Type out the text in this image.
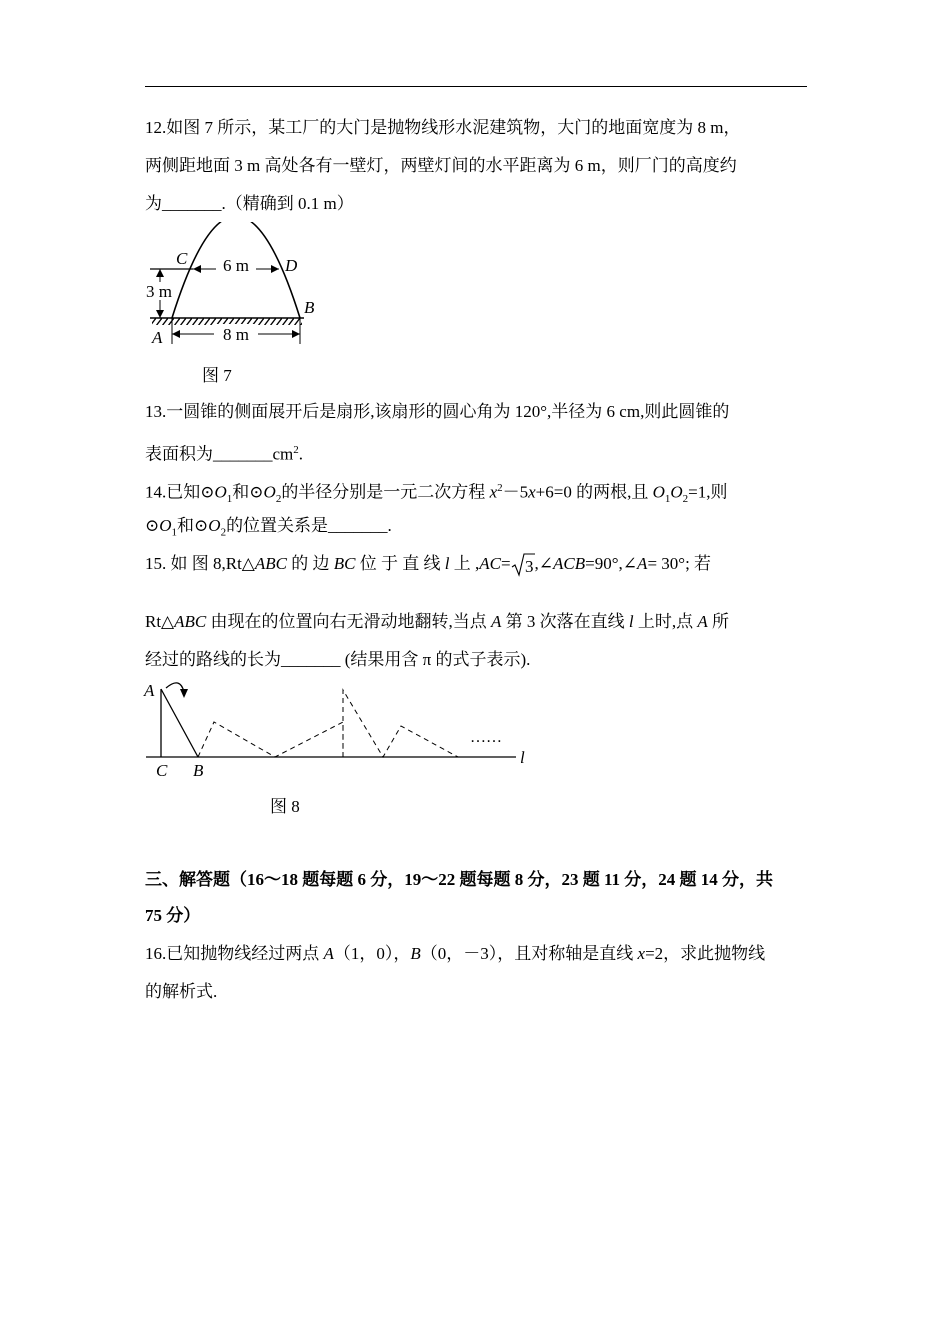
12.如图 7 所示，某工厂的大门是抛物线形水泥建筑物，大门的地面宽度为 8 m，
两侧距地面 3 m 高处各有一壁灯，两壁灯间的水平距离为 6 m，则厂门的高度约
为_______.（精确到 0.1 m）
6 m
3 m
8 m
C	D
A
B
图 7
13.一圆锥的侧面展开后是扇形,该扇形的圆心角为 120°,半径为 6 cm,则此圆锥的
表面积为$\_\_\_\_\_\_\_cm^2$.
14.已知$⊙O_1$和$⊙O_2$的半径分别是一元二次方程 $x^2-5x+6=0$ 的两根,且 $O_1O_2=1$,则
$⊙O_1$和$⊙O_2$的位置关系是_______.
15. 如 图 8,Rt△ABC 的 边 BC 位 于 直 线 l 上 ,AC= 3 ,∠ACB=90°,∠A= 30°; 若
Rt△ABC 由现在的位置向右无滑动地翻转,当点 A 第 3 次落在直线 l 上时,点 A 所
经过的路线的长为_______ (结果用含 π 的式子表示).
……
A
C B
l
图 8
三、解答题（16～18 题每题 6 分，19～22 题每题 8 分，23 题 11 分，24 题 14 分，共
75 分）
16.已知抛物线经过两点 A（1，0），B（0，－3），且对称轴是直线 x=2，求此抛物线
的解析式.
